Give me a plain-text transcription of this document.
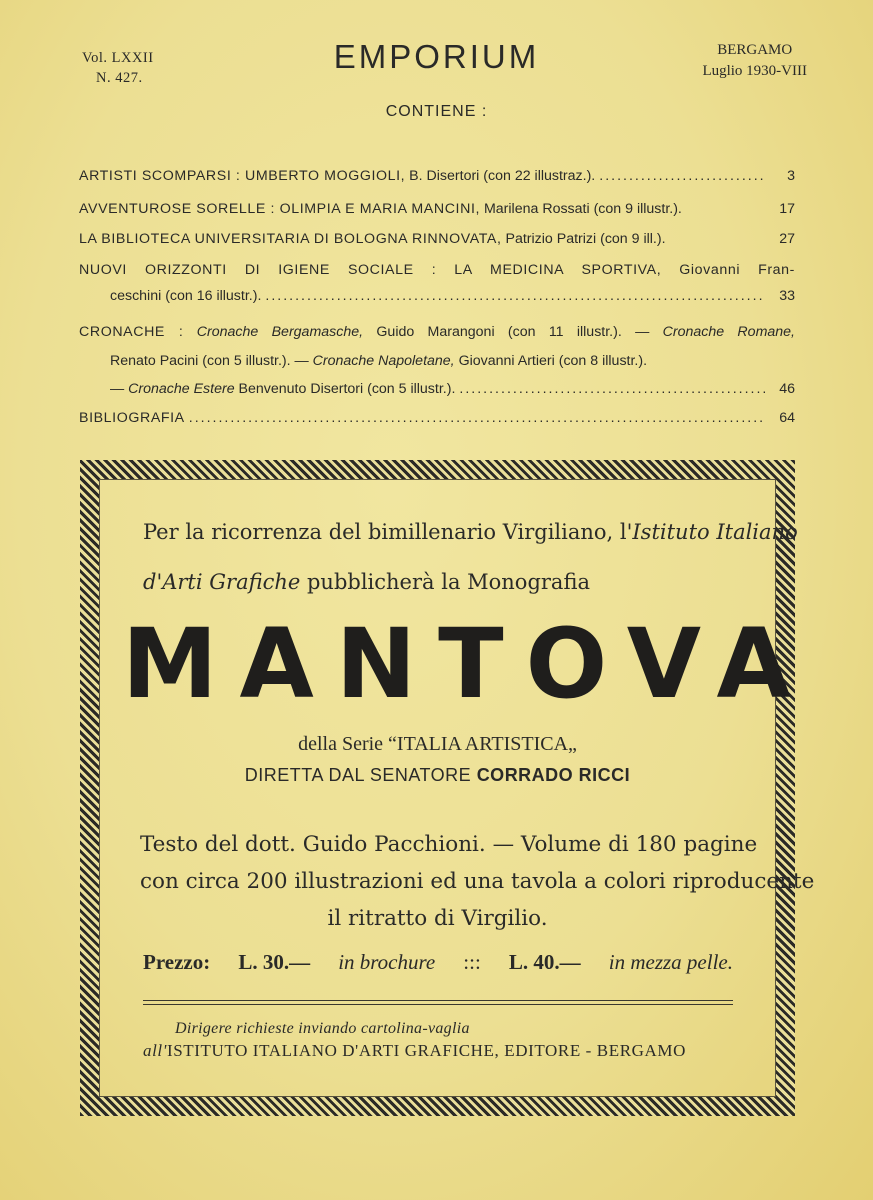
Vol. LXXII
N. 427.
EMPORIUM	BERGAMO
Luglio 1930-VIII
CONTIENE :
ARTISTI SCOMPARSI : UMBERTO MOGGIOLI, B. Disertori (con 22 illustraz.). .....	3
AVVENTUROSE SORELLE : OLIMPIA E MARIA MANCINI, Marilena Rossati (con 9 illustr.).	17
LA BIBLIOTECA UNIVERSITARIA DI BOLOGNA RINNOVATA, Patrizio Patrizi (con 9 ill.).	27
NUOVI ORIZZONTI DI IGIENE SOCIALE : LA MEDICINA SPORTIVA, Giovanni Fran-
ceschini (con 16 illustr.). .....	33
CRONACHE : Cronache Bergamasche, Guido Marangoni (con 11 illustr.). — Cronache Romane,
Renato Pacini (con 5 illustr.). — Cronache Napoletane, Giovanni Artieri (con 8 illustr.).
— Cronache Estere Benvenuto Disertori (con 5 illustr.). .....	46
BIBLIOGRAFIA .....	64
Per la ricorrenza del bimillenario Virgiliano, l'Istituto Italiano
d'Arti Grafiche pubblicherà la Monografia
MANTOVA
della Serie “ITALIA ARTISTICA„
DIRETTA DAL SENATORE CORRADO RICCI
Testo del dott. Guido Pacchioni. — Volume di 180 pagine
con circa 200 illustrazioni ed una tavola a colori riproducente
il ritratto di Virgilio.
Prezzo: L. 30.— in brochure ::: L. 40.— in mezza pelle.
Dirigere richieste inviando cartolina-vaglia
all'ISTITUTO ITALIANO D'ARTI GRAFICHE, EDITORE - BERGAMO
